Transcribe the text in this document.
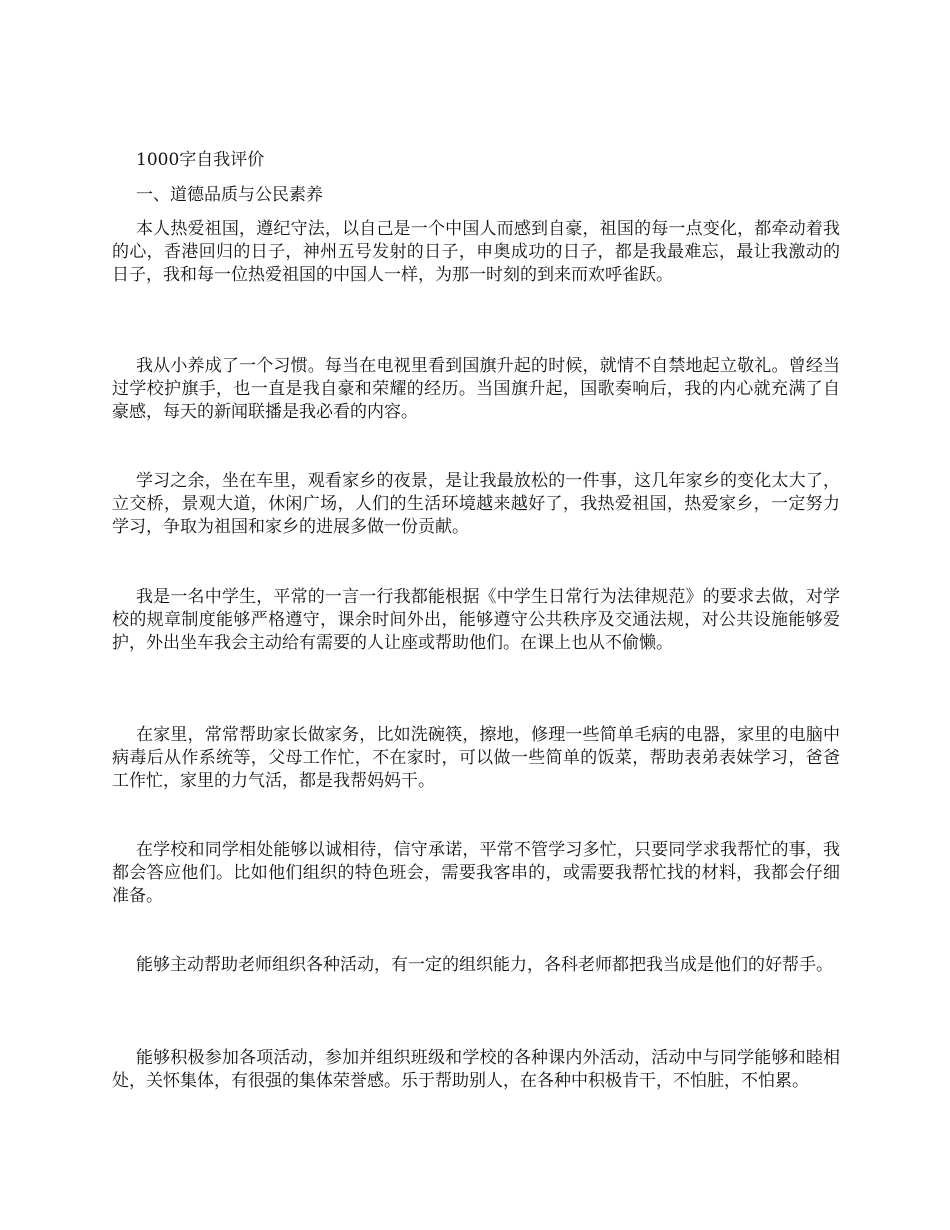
1000字自我评价
一、道德品质与公民素养

本人热爱祖国，遵纪守法，以自己是一个中国人而感到自豪，祖国的每一点变化，都牵动着我的心，香港回归的日子，神州五号发射的日子，申奥成功的日子，都是我最难忘，最让我激动的日子，我和每一位热爱祖国的中国人一样，为那一时刻的到来而欢呼雀跃。

我从小养成了一个习惯。每当在电视里看到国旗升起的时候，就情不自禁地起立敬礼。曾经当过学校护旗手，也一直是我自豪和荣耀的经历。当国旗升起，国歌奏响后，我的内心就充满了自豪感，每天的新闻联播是我必看的内容。

学习之余，坐在车里，观看家乡的夜景，是让我最放松的一件事，这几年家乡的变化太大了，立交桥，景观大道，休闲广场，人们的生活环境越来越好了，我热爱祖国，热爱家乡，一定努力学习，争取为祖国和家乡的进展多做一份贡献。

我是一名中学生，平常的一言一行我都能根据《中学生日常行为法律规范》的要求去做，对学校的规章制度能够严格遵守，课余时间外出，能够遵守公共秩序及交通法规，对公共设施能够爱护，外出坐车我会主动给有需要的人让座或帮助他们。在课上也从不偷懒。

在家里，常常帮助家长做家务，比如洗碗筷，擦地，修理一些简单毛病的电器，家里的电脑中病毒后从作系统等，父母工作忙，不在家时，可以做一些简单的饭菜，帮助表弟表妹学习，爸爸工作忙，家里的力气活，都是我帮妈妈干。

在学校和同学相处能够以诚相待，信守承诺，平常不管学习多忙，只要同学求我帮忙的事，我都会答应他们。比如他们组织的特色班会，需要我客串的，或需要我帮忙找的材料，我都会仔细准备。

能够主动帮助老师组织各种活动，有一定的组织能力，各科老师都把我当成是他们的好帮手。

能够积极参加各项活动，参加并组织班级和学校的各种课内外活动，活动中与同学能够和睦相处，关怀集体，有很强的集体荣誉感。乐于帮助别人，在各种中积极肯干，不怕脏，不怕累。
